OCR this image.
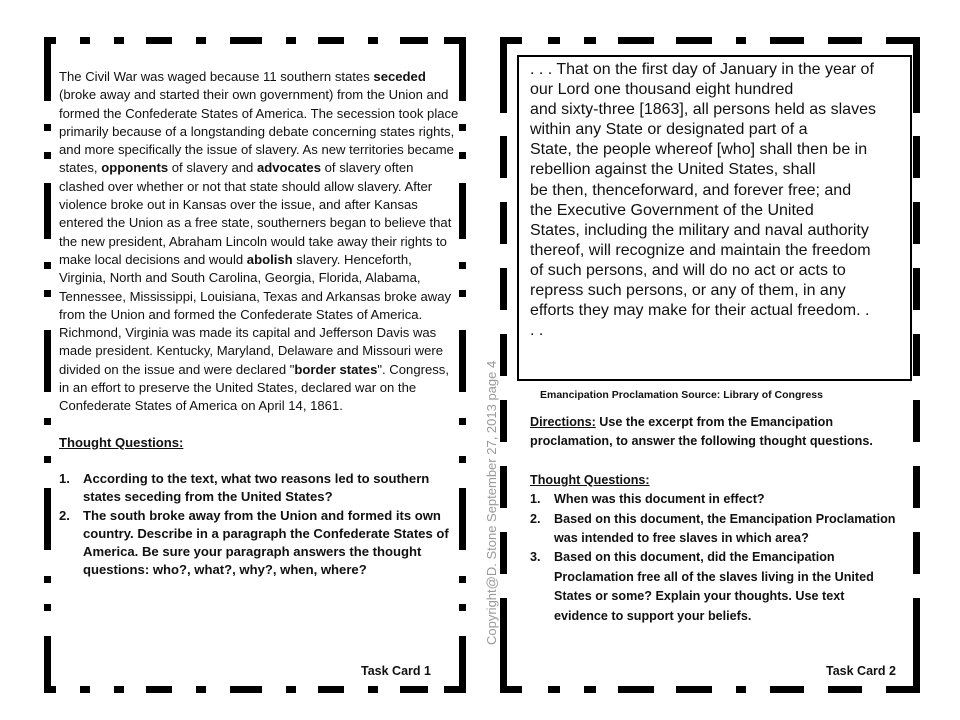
The Civil War was waged because 11 southern states seceded (broke away and started their own government) from the Union and formed the Confederate States of America. The secession took place primarily because of a longstanding debate concerning states rights, and more specifically the issue of slavery. As new territories became states, opponents of slavery and advocates of slavery often clashed over whether or not that state should allow slavery. After violence broke out in Kansas over the issue, and after Kansas entered the Union as a free state, southerners began to believe that the new president, Abraham Lincoln would take away their rights to make local decisions and would abolish slavery. Henceforth, Virginia, North and South Carolina, Georgia, Florida, Alabama, Tennessee, Mississippi, Louisiana, Texas and Arkansas broke away from the Union and formed the Confederate States of America. Richmond, Virginia was made its capital and Jefferson Davis was made president. Kentucky, Maryland, Delaware and Missouri were divided on the issue and were declared "border states". Congress, in an effort to preserve the United States, declared war on the Confederate States of America on April 14, 1861.

Thought Questions:

1. According to the text, what two reasons led to southern states seceding from the United States?
2. The south broke away from the Union and formed its own country. Describe in a paragraph the Confederate States of America. Be sure your paragraph answers the thought questions: who?, what?, why?, when, where?
Task Card 1
Copyright@D. Stone September 27, 2013 page 4
. . . That on the first day of January in the year of
our Lord one thousand eight hundred
and sixty-three [1863], all persons held as slaves
within any State or designated part of a
State, the people whereof [who] shall then be in
rebellion against the United States, shall
be then, thenceforward, and forever free; and
the Executive Government of the United
States, including the military and naval authority
thereof, will recognize and maintain the freedom
of such persons, and will do no act or acts to
repress such persons, or any of them, in any
efforts they may make for their actual freedom. .
. .
Emancipation Proclamation Source: Library of Congress
Directions: Use the excerpt from the Emancipation proclamation, to answer the following thought questions.
Thought Questions:
1. When was this document in effect?
2. Based on this document, the Emancipation Proclamation was intended to free slaves in which area?
3. Based on this document, did the Emancipation Proclamation free all of the slaves living in the United States or some? Explain your thoughts. Use text evidence to support your beliefs.
Task Card 2
